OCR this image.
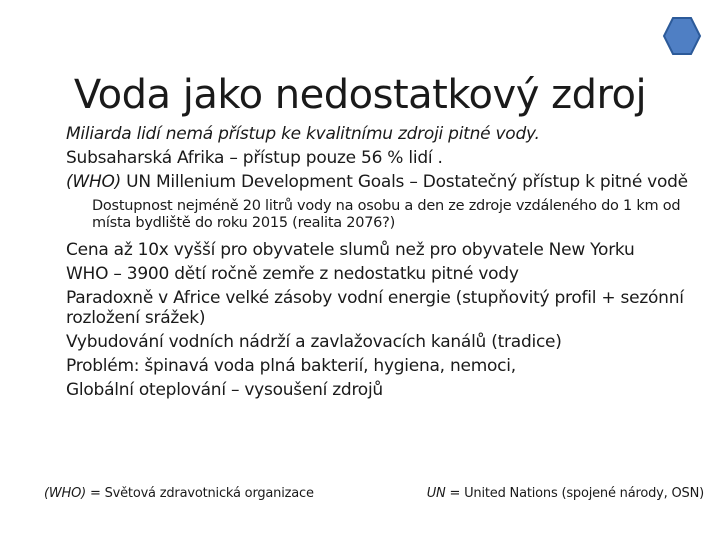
Voda jako nedostatkový zdroj
Miliarda lidí nemá přístup ke kvalitnímu zdroji pitné vody.
Subsaharská Afrika – přístup pouze 56 % lidí .
(WHO) UN Millenium Development Goals – Dostatečný přístup k pitné vodě
Dostupnost nejméně 20 litrů vody na osobu a den ze zdroje vzdáleného do 1 km od místa bydliště do roku 2015 (realita 2076?)
Cena až 10x vyšší pro obyvatele slumů než pro obyvatele New Yorku
WHO – 3900 dětí ročně zemře z nedostatku pitné vody
Paradoxně v Africe velké zásoby vodní energie (stupňovitý profil + sezónní rozložení srážek)
Vybudování vodních nádrží a zavlažovacích kanálů (tradice)
Problém: špinavá voda plná bakterií, hygiena, nemoci,
Globální oteplování – vysoušení zdrojů
(WHO) = Světová zdravotnická organizace	UN = United Nations (spojené národy, OSN)
